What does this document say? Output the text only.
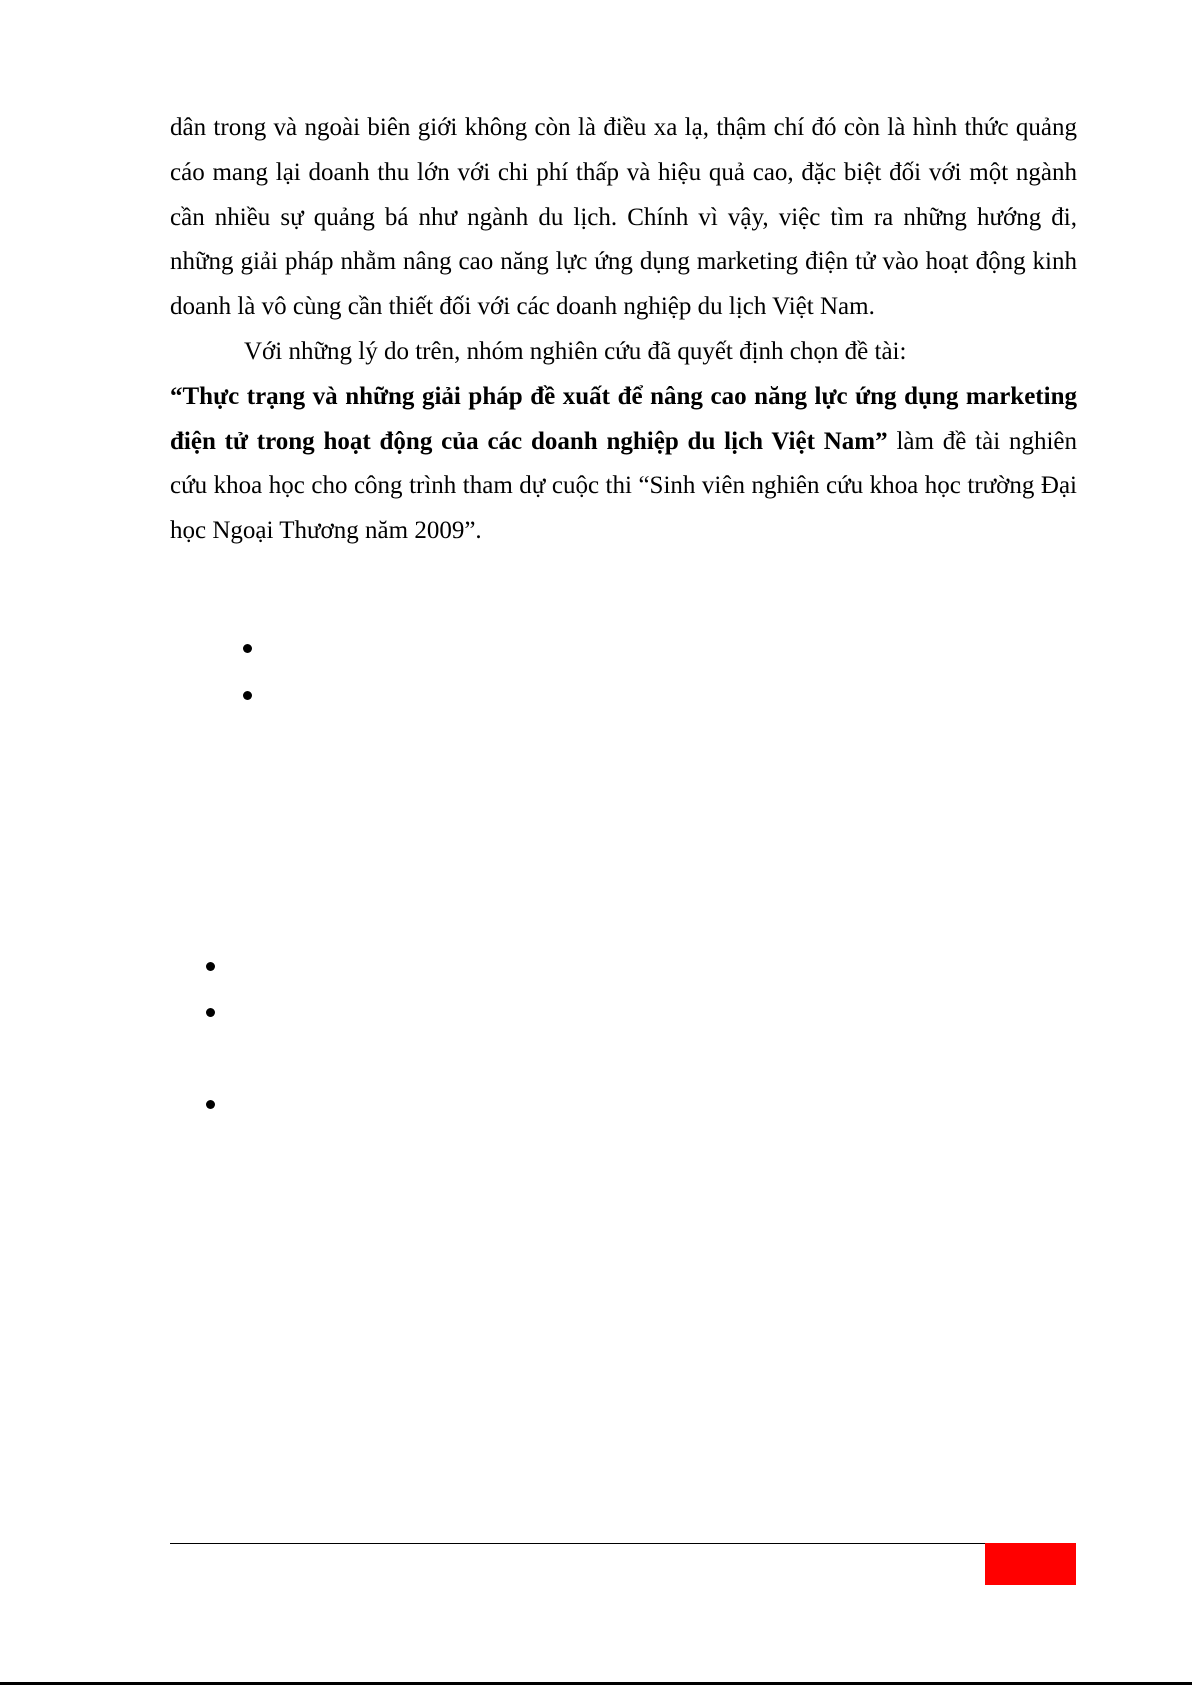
dân trong và ngoài biên giới không còn là điều xa lạ, thậm chí đó còn là hình thức quảng cáo mang lại doanh thu lớn với chi phí thấp và hiệu quả cao, đặc biệt đối với một ngành cần nhiều sự quảng bá như ngành du lịch. Chính vì vậy, việc tìm ra những hướng đi, những giải pháp nhằm nâng cao năng lực ứng dụng marketing điện tử vào hoạt động kinh doanh là vô cùng cần thiết đối với các doanh nghiệp du lịch Việt Nam.

Với những lý do trên, nhóm nghiên cứu đã quyết định chọn đề tài:

“Thực trạng và những giải pháp đề xuất để nâng cao năng lực ứng dụng marketing điện tử trong hoạt động của các doanh nghiệp du lịch Việt Nam” làm đề tài nghiên cứu khoa học cho công trình tham dự cuộc thi “Sinh viên nghiên cứu khoa học trường Đại học Ngoại Thương năm 2009”.
